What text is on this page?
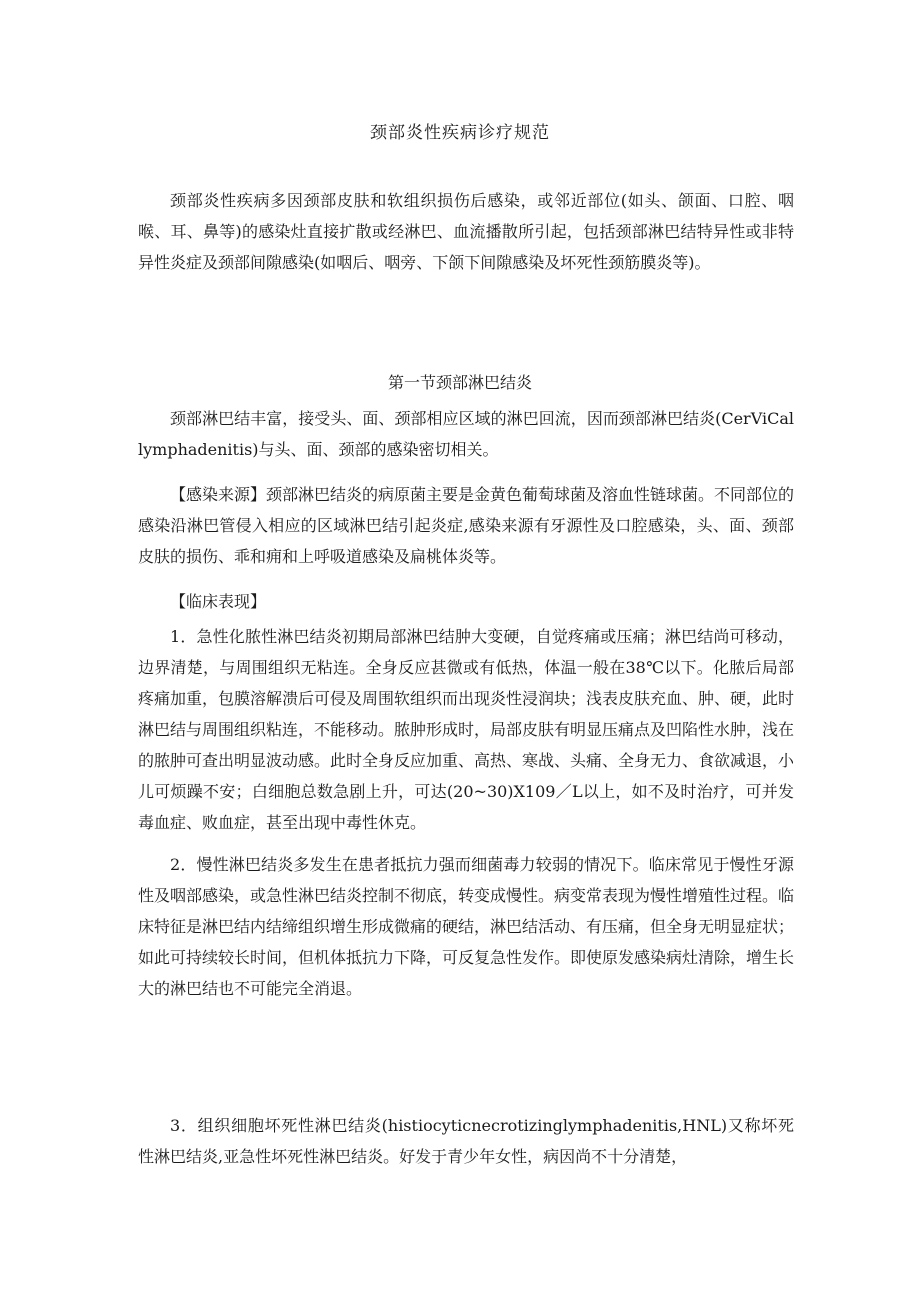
颈部炎性疾病诊疗规范

颈部炎性疾病多因颈部皮肤和软组织损伤后感染，或邻近部位(如头、颌面、口腔、咽喉、耳、鼻等)的感染灶直接扩散或经淋巴、血流播散所引起，包括颈部淋巴结特异性或非特异性炎症及颈部间隙感染(如咽后、咽旁、下颌下间隙感染及坏死性颈筋膜炎等)。

第一节颈部淋巴结炎

颈部淋巴结丰富，接受头、面、颈部相应区域的淋巴回流，因而颈部淋巴结炎(CerViCallymphadenitis)与头、面、颈部的感染密切相关。

【感染来源】颈部淋巴结炎的病原菌主要是金黄色葡萄球菌及溶血性链球菌。不同部位的感染沿淋巴管侵入相应的区域淋巴结引起炎症,感染来源有牙源性及口腔感染，头、面、颈部皮肤的损伤、乖和痈和上呼吸道感染及扁桃体炎等。

【临床表现】

1．急性化脓性淋巴结炎初期局部淋巴结肿大变硬，自觉疼痛或压痛；淋巴结尚可移动，边界清楚，与周围组织无粘连。全身反应甚微或有低热，体温一般在38℃以下。化脓后局部疼痛加重，包膜溶解溃后可侵及周围软组织而出现炎性浸润块；浅表皮肤充血、肿、硬，此时淋巴结与周围组织粘连，不能移动。脓肿形成时，局部皮肤有明显压痛点及凹陷性水肿，浅在的脓肿可查出明显波动感。此时全身反应加重、高热、寒战、头痛、全身无力、食欲减退，小儿可烦躁不安；白细胞总数急剧上升，可达(20~30)X109／L以上，如不及时治疗，可并发毒血症、败血症，甚至出现中毒性休克。

2．慢性淋巴结炎多发生在患者抵抗力强而细菌毒力较弱的情况下。临床常见于慢性牙源性及咽部感染，或急性淋巴结炎控制不彻底，转变成慢性。病变常表现为慢性增殖性过程。临床特征是淋巴结内结缔组织增生形成微痛的硬结，淋巴结活动、有压痛，但全身无明显症状；如此可持续较长时间，但机体抵抗力下降，可反复急性发作。即使原发感染病灶清除，增生长大的淋巴结也不可能完全消退。

3．组织细胞坏死性淋巴结炎(histiocyticnecrotizinglymphadenitis,HNL)又称坏死性淋巴结炎,亚急性坏死性淋巴结炎。好发于青少年女性，病因尚不十分清楚，
